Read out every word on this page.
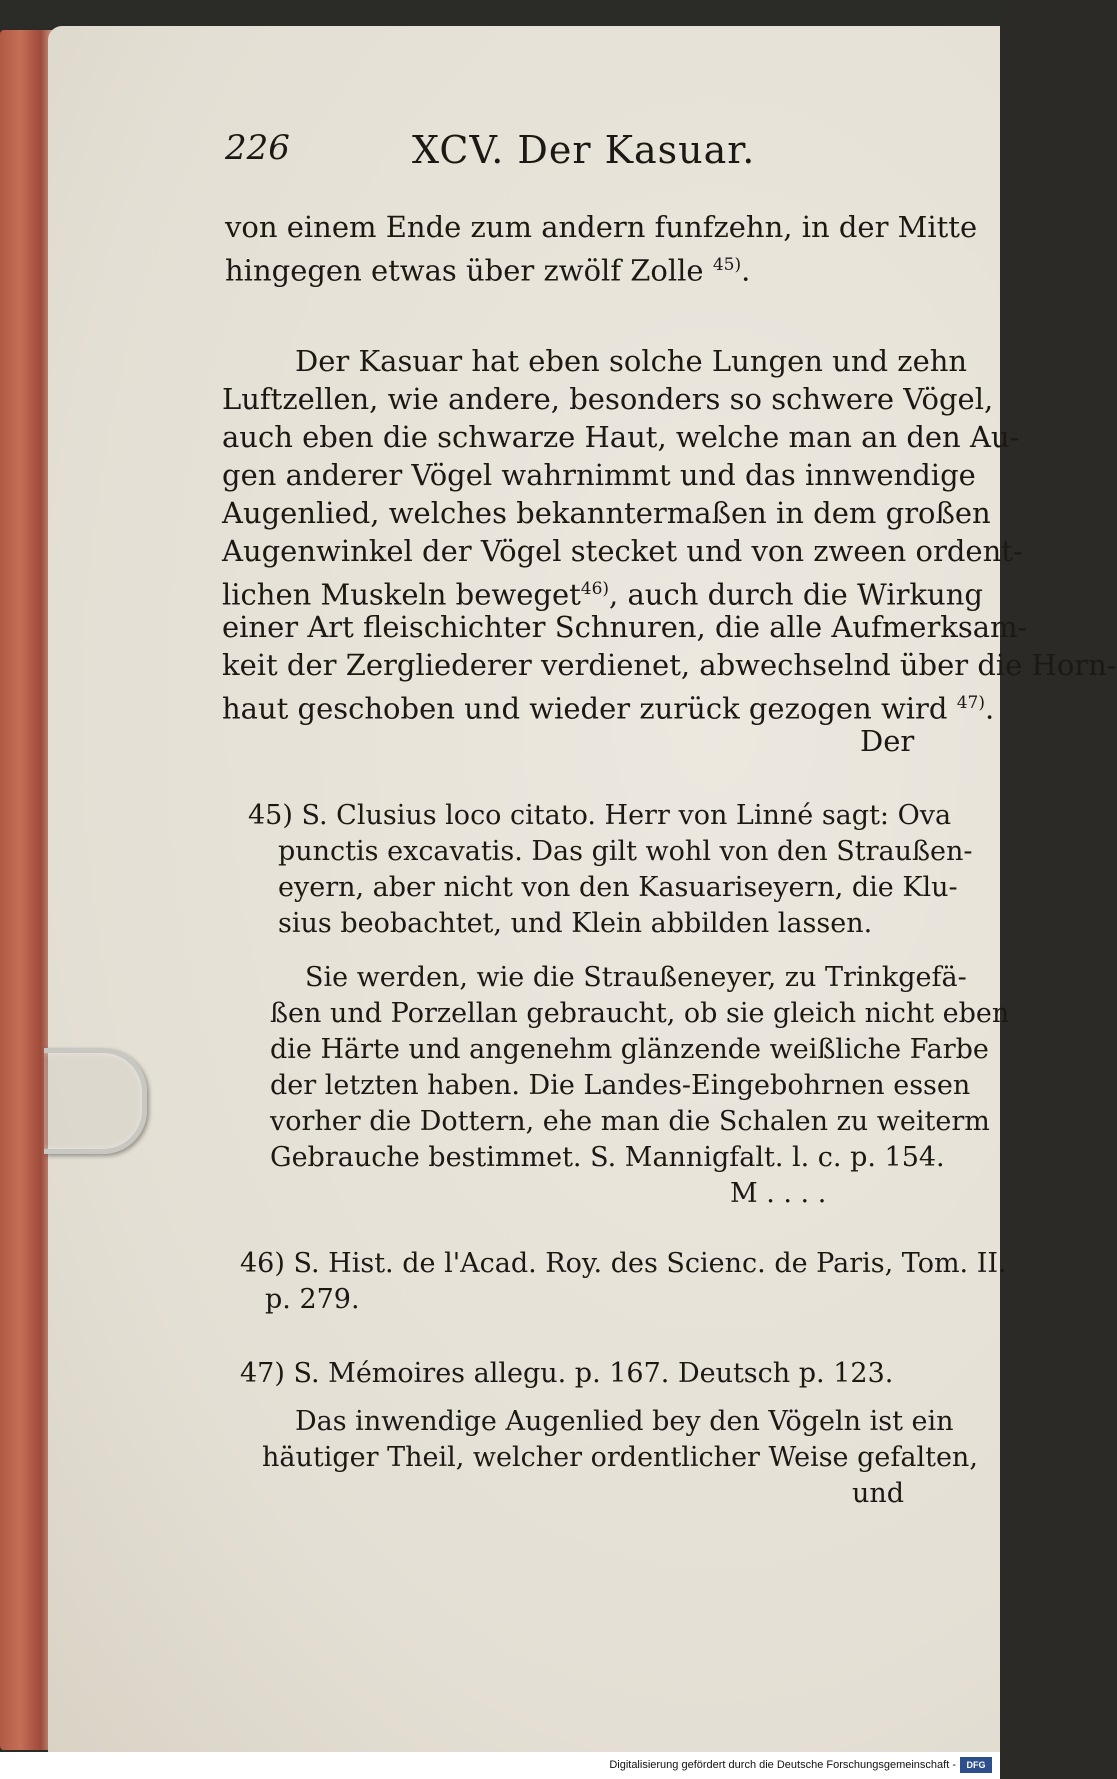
226	XCV. Der Kasuar.
von einem Ende zum andern funfzehn, in der Mitte
hingegen etwas über zwölf Zolle $^{45)}$.
Der Kasuar hat eben solche Lungen und zehn
Luftzellen, wie andere, besonders so schwere Vögel,
auch eben die schwarze Haut, welche man an den Au-
gen anderer Vögel wahrnimmt und das innwendige
Augenlied, welches bekanntermaßen in dem großen
Augenwinkel der Vögel stecket und von zween ordent-
lichen Muskeln beweget$^{46)}$, auch durch die Wirkung
einer Art fleischichter Schnuren, die alle Aufmerksam-
keit der Zergliederer verdienet, abwechselnd über die Horn-
haut geschoben und wieder zurück gezogen wird $^{47)}$.
Der
45) S. Clusius loco citato. Herr von Linné sagt: Ova
punctis excavatis. Das gilt wohl von den Straußen-
eyern, aber nicht von den Kasuariseyern, die Klu-
sius beobachtet, und Klein abbilden lassen.
Sie werden, wie die Straußeneyer, zu Trinkgefä-
ßen und Porzellan gebraucht, ob sie gleich nicht eben
die Härte und angenehm glänzende weißliche Farbe
der letzten haben. Die Landes-Eingebohrnen essen
vorher die Dottern, ehe man die Schalen zu weiterm
Gebrauche bestimmet. S. Mannigfalt. l. c. p. 154.
M . . . .
46) S. Hist. de l'Acad. Roy. des Scienc. de Paris, Tom. II.
p. 279.
47) S. Mémoires allegu. p. 167. Deutsch p. 123.
Das inwendige Augenlied bey den Vögeln ist ein
häutiger Theil, welcher ordentlicher Weise gefalten,
und
Digitalisierung gefördert durch die Deutsche Forschungsgemeinschaft -	DFG
